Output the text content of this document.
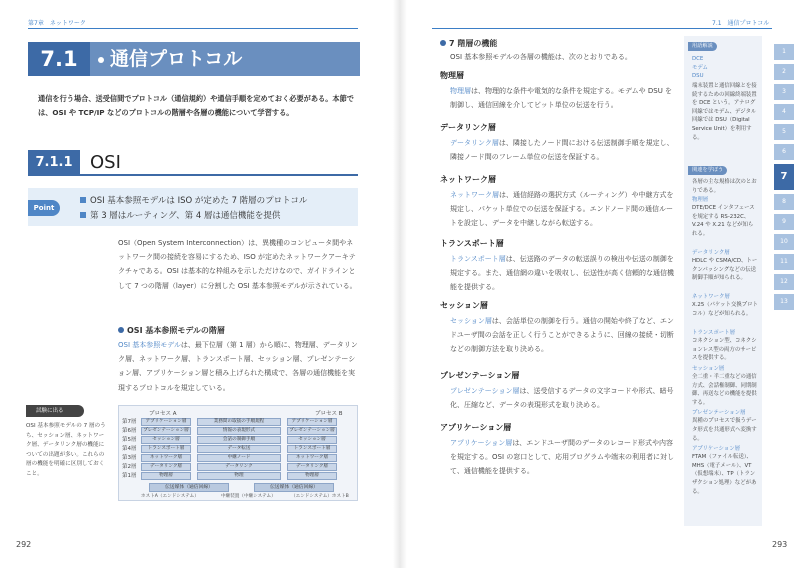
第7章　ネットワーク
7.1	通信プロトコル
通信を行う場合、送受信間でプロトコル（通信規約）や通信手順を定めておく必要がある。本節では、OSI や TCP/IP などのプロトコルの階層や各層の機能について学習する。
7.1.1 OSI
Point
OSI 基本参照モデルは ISO が定めた 7 階層のプロトコル
第 3 層はルーティング、第 4 層は通信機能を提供
OSI（Open System Interconnection）は、異機種のコンピュータ間やネットワーク間の接続を容易にするため、ISO が定めたネットワークアーキテクチャである。OSI は基本的な枠組みを示しただけなので、ガイドラインとして 7 つの階層（layer）に分割した OSI 基本参照モデルが示されている。
OSI 基本参照モデルの階層
OSI 基本参照モデルは、最下位層（第 1 層）から順に、物理層、データリンク層、ネットワーク層、トランスポート層、セッション層、プレゼンテーション層、アプリケーション層と積み上げられた構成で、各層の通信機能を実現するプロトコルを規定している。
試験に出る
OSI 基本参照モデルの 7 層のうち、セッション層、ネットワーク層、データリンク層の機能についての出題が多い。これらの層の機能を明確に区別しておくこと。
プロセス A	プロセス B
第7層	アプリケーション層	業務間の取扱の手順規程	アプリケーション層
第6層	プレゼンテーション層	情報の表現形式	プレゼンテーション層
第5層	セッション層	会話の制御手順	セッション層
第4層	トランスポート層	データ転送	トランスポート層
第3層	ネットワーク層	中継ノード	ネットワーク層
第2層	データリンク層	データリンク	データリンク層
第1層	物理層	物理	物理層
伝送媒体（通信回線）	伝送媒体（通信回線）
ホストA（エンドシステム）	中継装置（中継システム）	（エンドシステム）ホストB
292
7.1　通信プロトコル
7 階層の機能
OSI 基本参照モデルの各層の機能は、次のとおりである。
物理層
物理層は、物理的な条件や電気的な条件を規定する。モデムや DSU を制御し、通信回線を介してビット単位の伝送を行う。
データリンク層
データリンク層は、隣接したノード間における伝送制御手順を規定し、隣接ノード間のフレーム単位の伝送を保証する。
ネットワーク層
ネットワーク層は、通信経路の選択方式（ルーティング）や中継方式を規定し、パケット単位での伝送を保証する。エンドノード間の通信ルートを設定し、データを中継しながら転送する。
トランスポート層
トランスポート層は、伝送路のデータの転送誤りの検出や伝送の制御を規定する。また、通信網の違いを吸収し、伝送性が高く信頼的な通信機能を提供する。
セッション層
セッション層は、会話単位の制御を行う。通信の開始や終了など、エンドユーザ間の会話を正しく行うことができるように、回線の接続・切断などの制御方法を取り決める。
プレゼンテーション層
プレゼンテーション層は、送受信するデータの文字コードや形式、暗号化、圧縮など、データの表現形式を取り決める。
アプリケーション層
アプリケーション層は、エンドユーザ間のデータのレコード形式や内容を規定する。OSI の窓口として、応用プログラムや端末の利用者に対して、通信機能を提供する。
用語解説
DCE
モデム
DSU
端末装置と通信回線とを接続するための回線終端装置を DCE という。アナログ回線ではモデム、デジタル回線では DSU（Digital Service Unit）を利用する。
関連を学ぼう
各層の主な規格は次のとおりである。
物理層
DTE/DCE インタフェースを規定する RS-232C、V.24 や X.21 などが知られる。
データリンク層
HDLC や CSMA/CD、トークンパッシングなどの伝送制御手順が知られる。
ネットワーク層
X.25（パケット交換プロトコル）などが知られる。
トランスポート層
コネクション型、コネクションレス型の両方のサービスを提供する。
セッション層
全二重・半二重などの通信方式、会話権制御、同期制御、再送などの機能を提供する。
プレゼンテーション層
異種のプロセスで扱うデータ形式を共通形式へ変換する。
アプリケーション層
FTAM（ファイル転送）、MHS（電子メール）、VT（仮想端末）、TP（トランザクション処理）などがある。
1
2
3
4
5
6
7
8
9
10
11
12
13
293
